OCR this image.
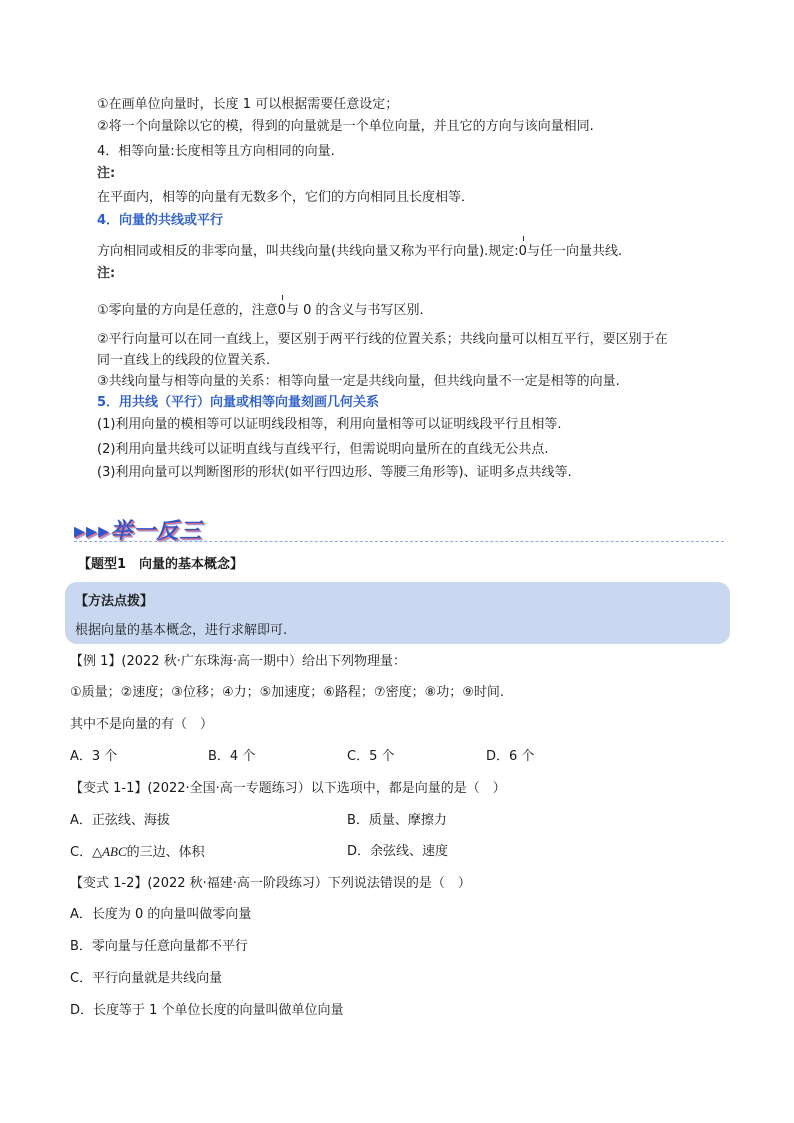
①在画单位向量时，长度 1 可以根据需要任意设定；
②将一个向量除以它的模，得到的向量就是一个单位向量，并且它的方向与该向量相同.
4．相等向量:长度相等且方向相同的向量.
注:
在平面内，相等的向量有无数多个，它们的方向相同且长度相等．
4．向量的共线或平行
方向相同或相反的非零向量，叫共线向量(共线向量又称为平行向量).规定:0与任一向量共线.
注:
①零向量的方向是任意的，注意0与 0 的含义与书写区别.
②平行向量可以在同一直线上，要区别于两平行线的位置关系；共线向量可以相互平行，要区别于在
同一直线上的线段的位置关系.
③共线向量与相等向量的关系：相等向量一定是共线向量，但共线向量不一定是相等的向量.
5．用共线（平行）向量或相等向量刻画几何关系
(1)利用向量的模相等可以证明线段相等，利用向量相等可以证明线段平行且相等.
(2)利用向量共线可以证明直线与直线平行，但需说明向量所在的直线无公共点.
(3)利用向量可以判断图形的形状(如平行四边形、等腰三角形等)、证明多点共线等.
▸▸▸举一反三
【题型1　向量的基本概念】
【方法点拨】
根据向量的基本概念，进行求解即可.
【例 1】(2022 秋·广东珠海·高一期中）给出下列物理量：
①质量；②速度；③位移；④力；⑤加速度；⑥路程；⑦密度；⑧功；⑨时间.
其中不是向量的有（　）
A．3 个	B．4 个	C．5 个	D．6 个
【变式 1-1】(2022·全国·高一专题练习）以下选项中，都是向量的是（　）
A．正弦线、海拔	B．质量、摩擦力
C．△ABC的三边、体积	D．余弦线、速度
【变式 1-2】(2022 秋·福建·高一阶段练习）下列说法错误的是（　）
A．长度为 0 的向量叫做零向量
B．零向量与任意向量都不平行
C．平行向量就是共线向量
D．长度等于 1 个单位长度的向量叫做单位向量
